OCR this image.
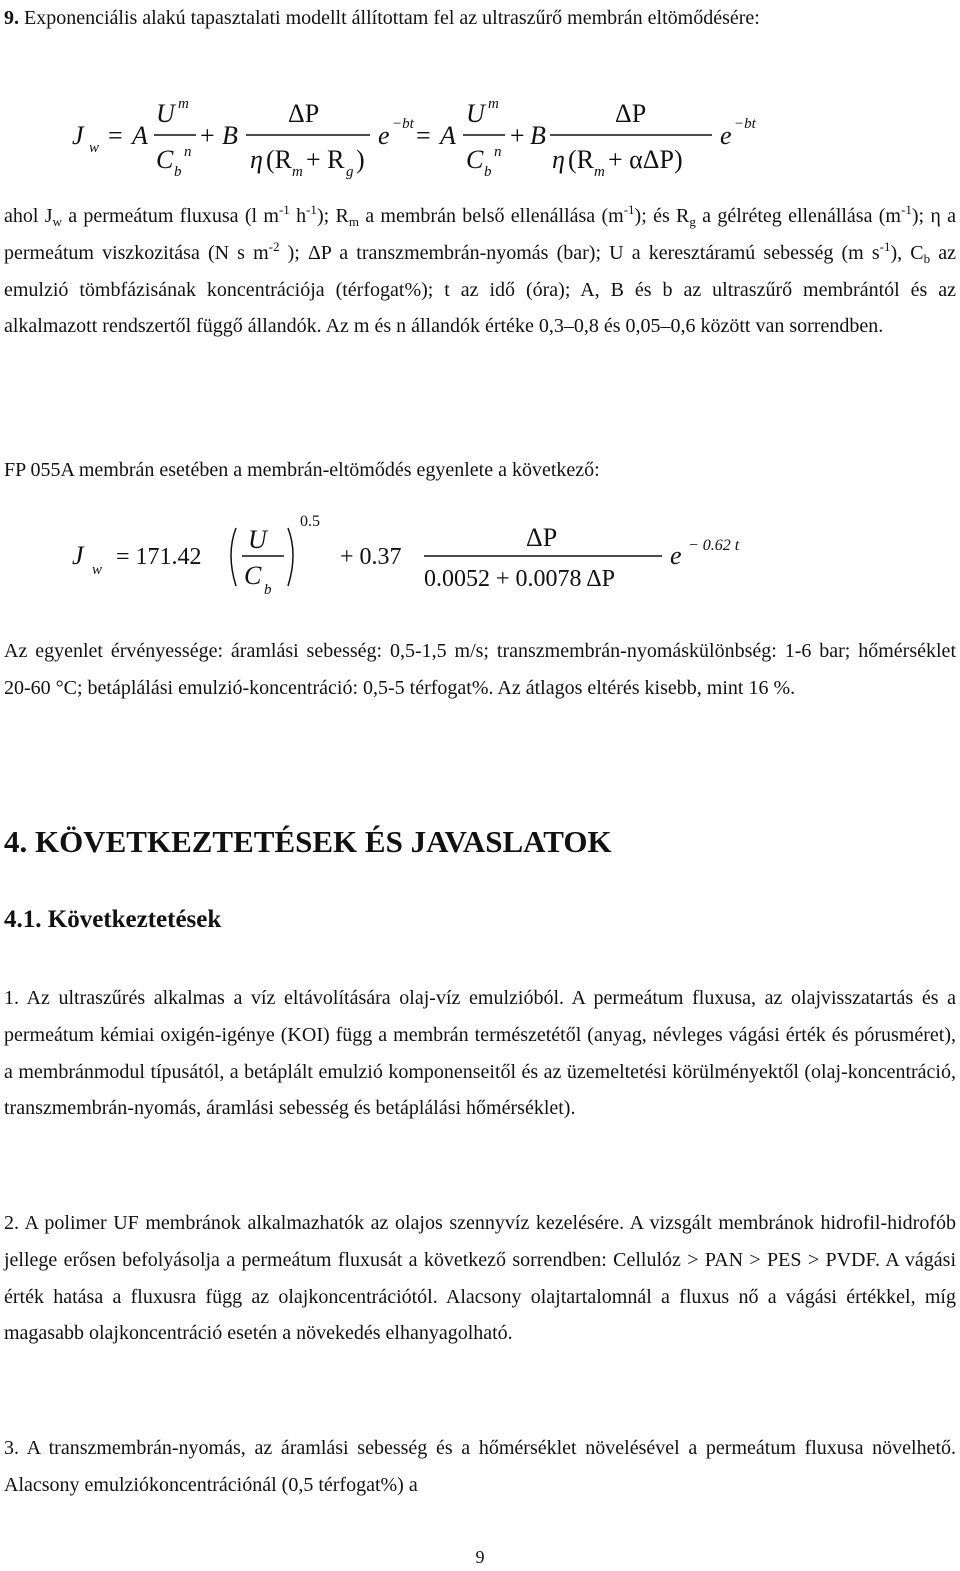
9. Exponenciális alakú tapasztalati modellt állítottam fel az ultraszűrő membrán eltömődésére:

J w = A
U m
C b
n
+ B
ΔP
η (R m + R g )
e −bt = A
U m
C b
n
+ B
ΔP
η (R m + αΔP)
e −bt

ahol $J_w$ a permeátum fluxusa (l $m^{-1}$ $h^{-1}$); $R_m$ a membrán belső ellenállása $(m^{-1})$; és $R_g$ a gélréteg ellenállása $(m^{-1})$; η a permeátum viszkozitása (N s $m^{-2}$ ); ΔP a transzmembrán-nyomás (bar); U a keresztáramú sebesség (m $s^{-1}$), $C_b$ az emulzió tömbfázisának koncentrációja (térfogat%); t az idő (óra); A, B és b az ultraszűrő membrántól és az alkalmazott rendszertől függő állandók. Az m és n állandók értéke 0,3–0,8 és 0,05–0,6 között van sorrendben.

FP 055A membrán esetében a membrán-eltömődés egyenlete a következő:

J w = 171.42
U
C b
0.5
+ 0.37
ΔP
0.0052 + 0.0078 ΔP
e − 0.62 t

Az egyenlet érvényessége: áramlási sebesség: 0,5-1,5 m/s; transzmembrán-nyomáskülönbség: 1-6 bar; hőmérséklet 20-60 °C; betáplálási emulzió-koncentráció: 0,5-5 térfogat%. Az átlagos eltérés kisebb, mint 16 %.

4. KÖVETKEZTETÉSEK ÉS JAVASLATOK
4.1. Következtetések

1. Az ultraszűrés alkalmas a víz eltávolítására olaj-víz emulzióból. A permeátum fluxusa, az olajvisszatartás és a permeátum kémiai oxigén-igénye (KOI) függ a membrán természetétől (anyag, névleges vágási érték és pórusméret), a membránmodul típusától, a betáplált emulzió komponenseitől és az üzemeltetési körülményektől (olaj-koncentráció, transzmembrán-nyomás, áramlási sebesség és betáplálási hőmérséklet).

2. A polimer UF membránok alkalmazhatók az olajos szennyvíz kezelésére. A vizsgált membránok hidrofil-hidrofób jellege erősen befolyásolja a permeátum fluxusát a következő sorrendben: Cellulóz > PAN > PES > PVDF. A vágási érték hatása a fluxusra függ az olajkoncentrációtól. Alacsony olajtartalomnál a fluxus nő a vágási értékkel, míg magasabb olajkoncentráció esetén a növekedés elhanyagolható.

3. A transzmembrán-nyomás, az áramlási sebesség és a hőmérséklet növelésével a permeátum fluxusa növelhető. Alacsony emulziókoncentrációnál (0,5 térfogat%) a

9
